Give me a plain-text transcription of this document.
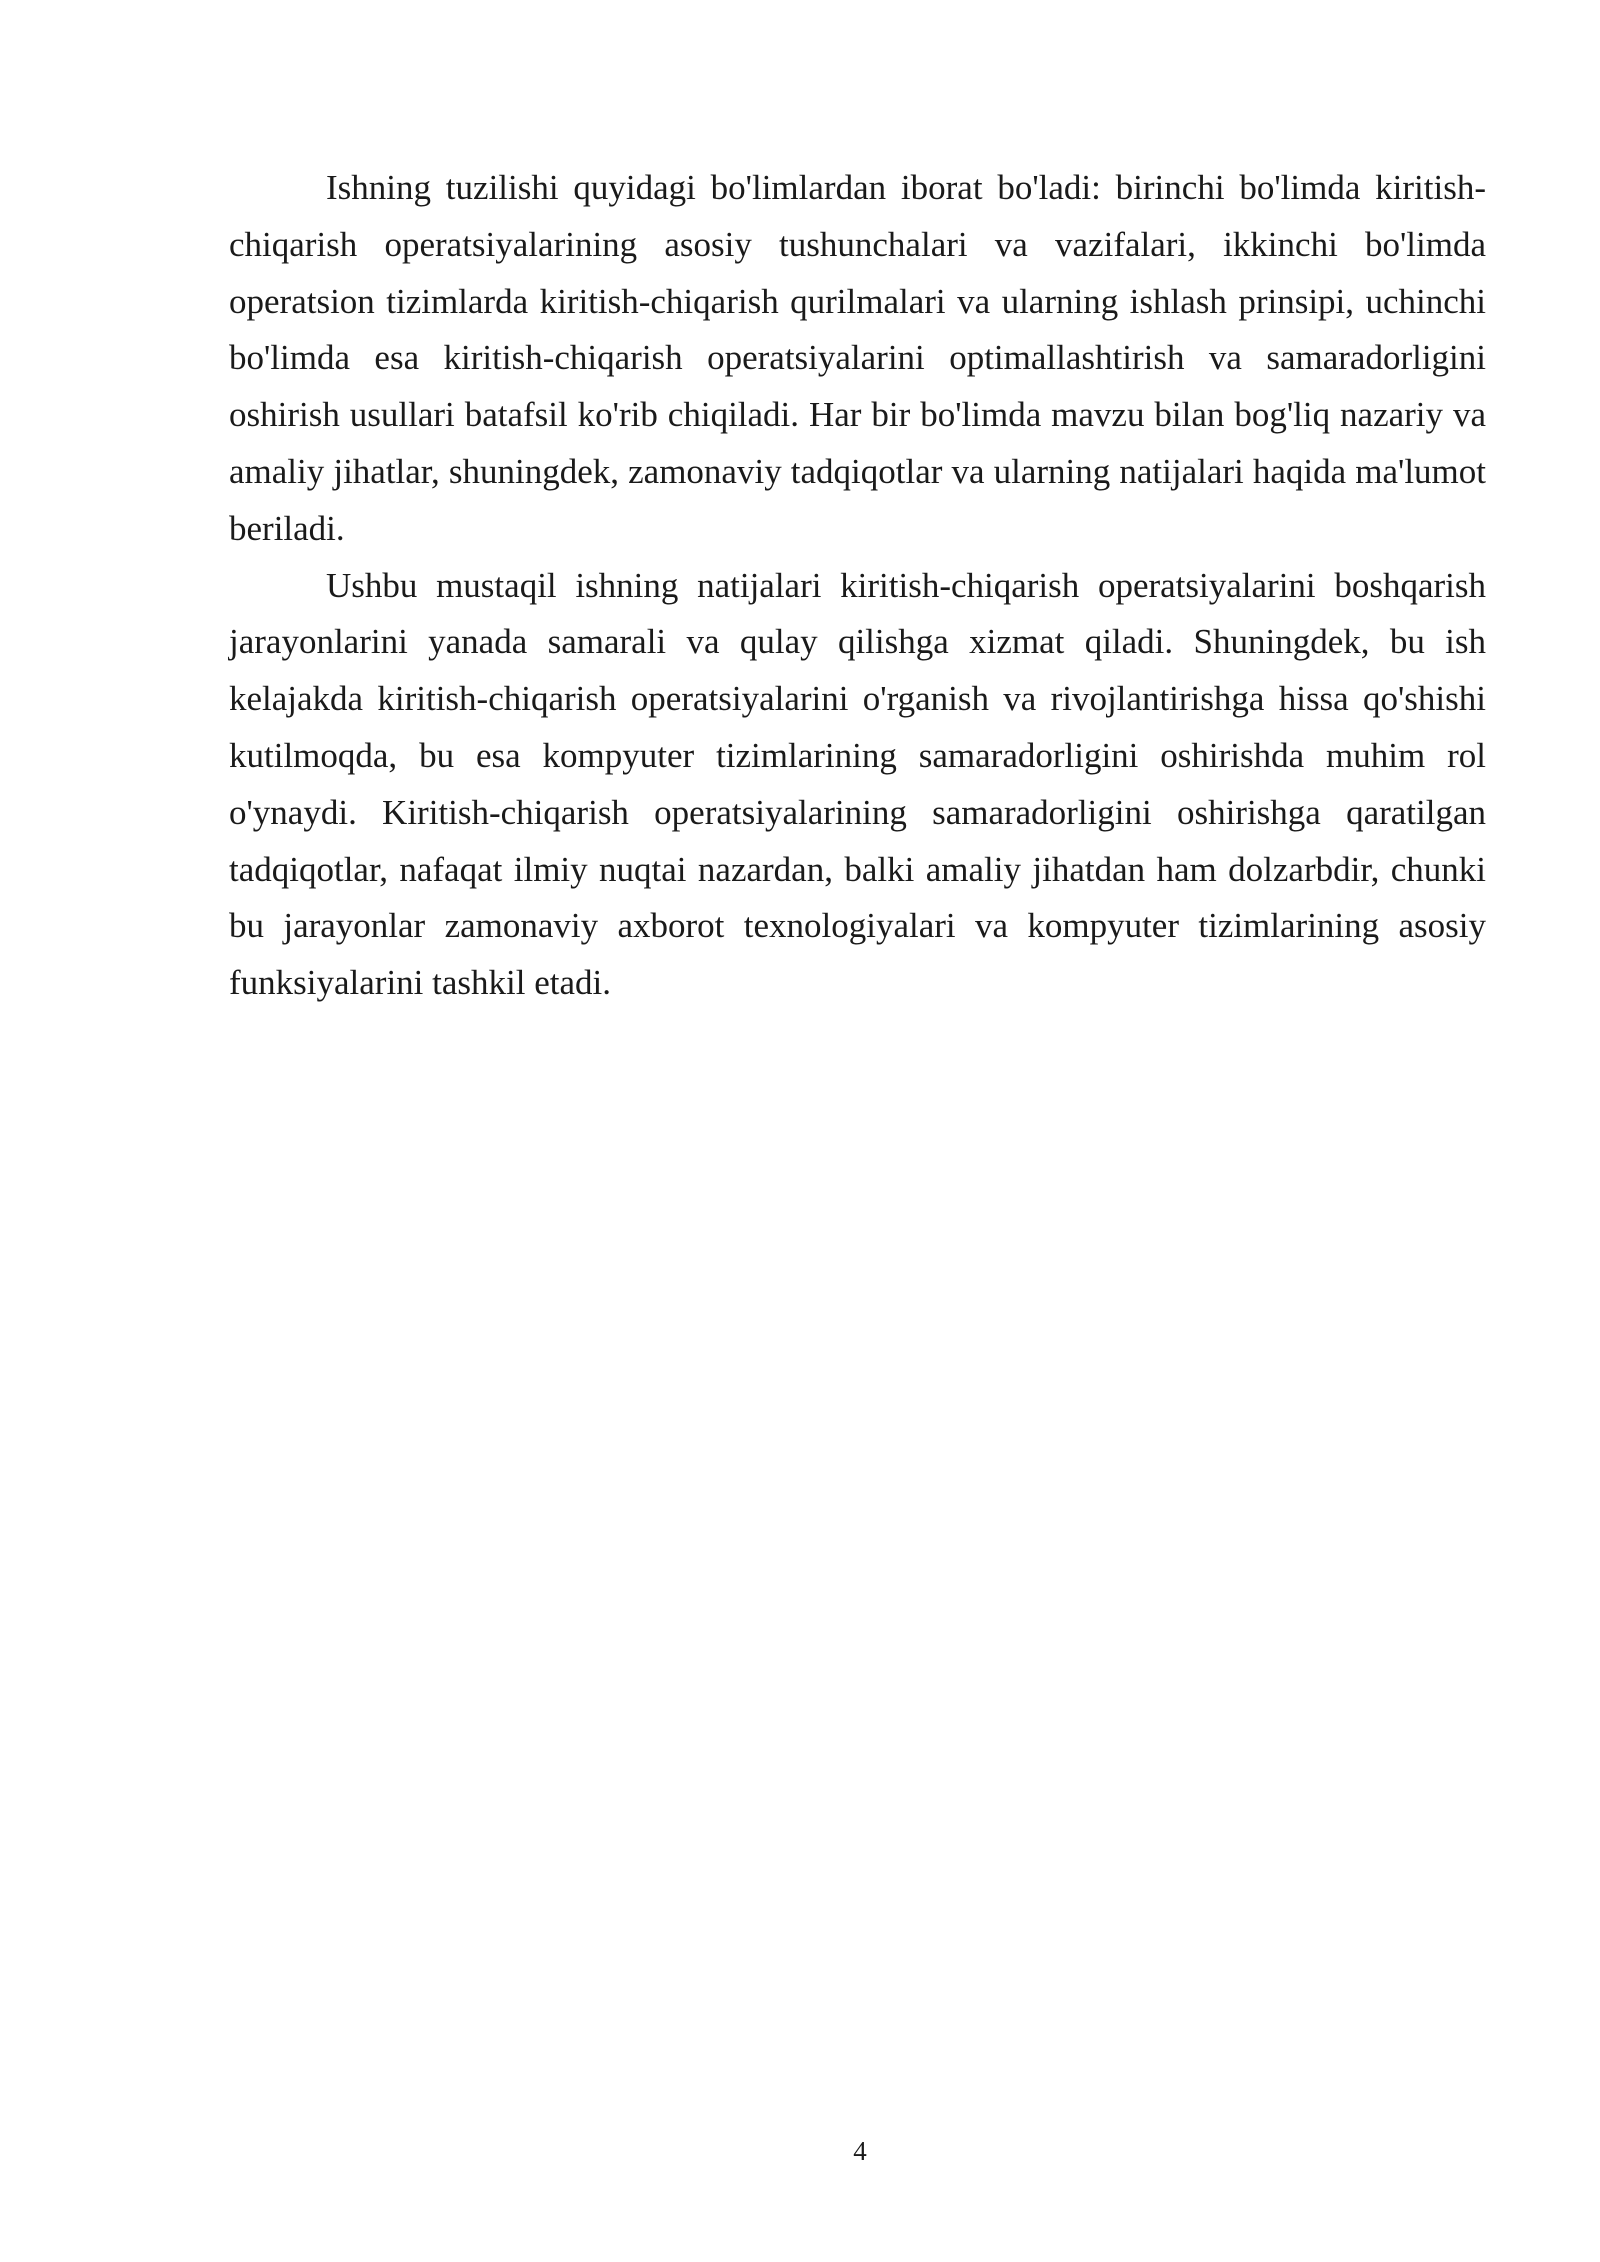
Ishning tuzilishi quyidagi bo'limlardan iborat bo'ladi: birinchi bo'limda kiritish-chiqarish operatsiyalarining asosiy tushunchalari va vazifalari, ikkinchi bo'limda operatsion tizimlarda kiritish-chiqarish qurilmalari va ularning ishlash prinsipi, uchinchi bo'limda esa kiritish-chiqarish operatsiyalarini optimallashtirish va samaradorligini oshirish usullari batafsil ko'rib chiqiladi. Har bir bo'limda mavzu bilan bog'liq nazariy va amaliy jihatlar, shuningdek, zamonaviy tadqiqotlar va ularning natijalari haqida ma'lumot beriladi.

Ushbu mustaqil ishning natijalari kiritish-chiqarish operatsiyalarini boshqarish jarayonlarini yanada samarali va qulay qilishga xizmat qiladi. Shuningdek, bu ish kelajakda kiritish-chiqarish operatsiyalarini o'rganish va rivojlantirishga hissa qo'shishi kutilmoqda, bu esa kompyuter tizimlarining samaradorligini oshirishda muhim rol o'ynaydi. Kiritish-chiqarish operatsiyalarining samaradorligini oshirishga qaratilgan tadqiqotlar, nafaqat ilmiy nuqtai nazardan, balki amaliy jihatdan ham dolzarbdir, chunki bu jarayonlar zamonaviy axborot texnologiyalari va kompyuter tizimlarining asosiy funksiyalarini tashkil etadi.

4
